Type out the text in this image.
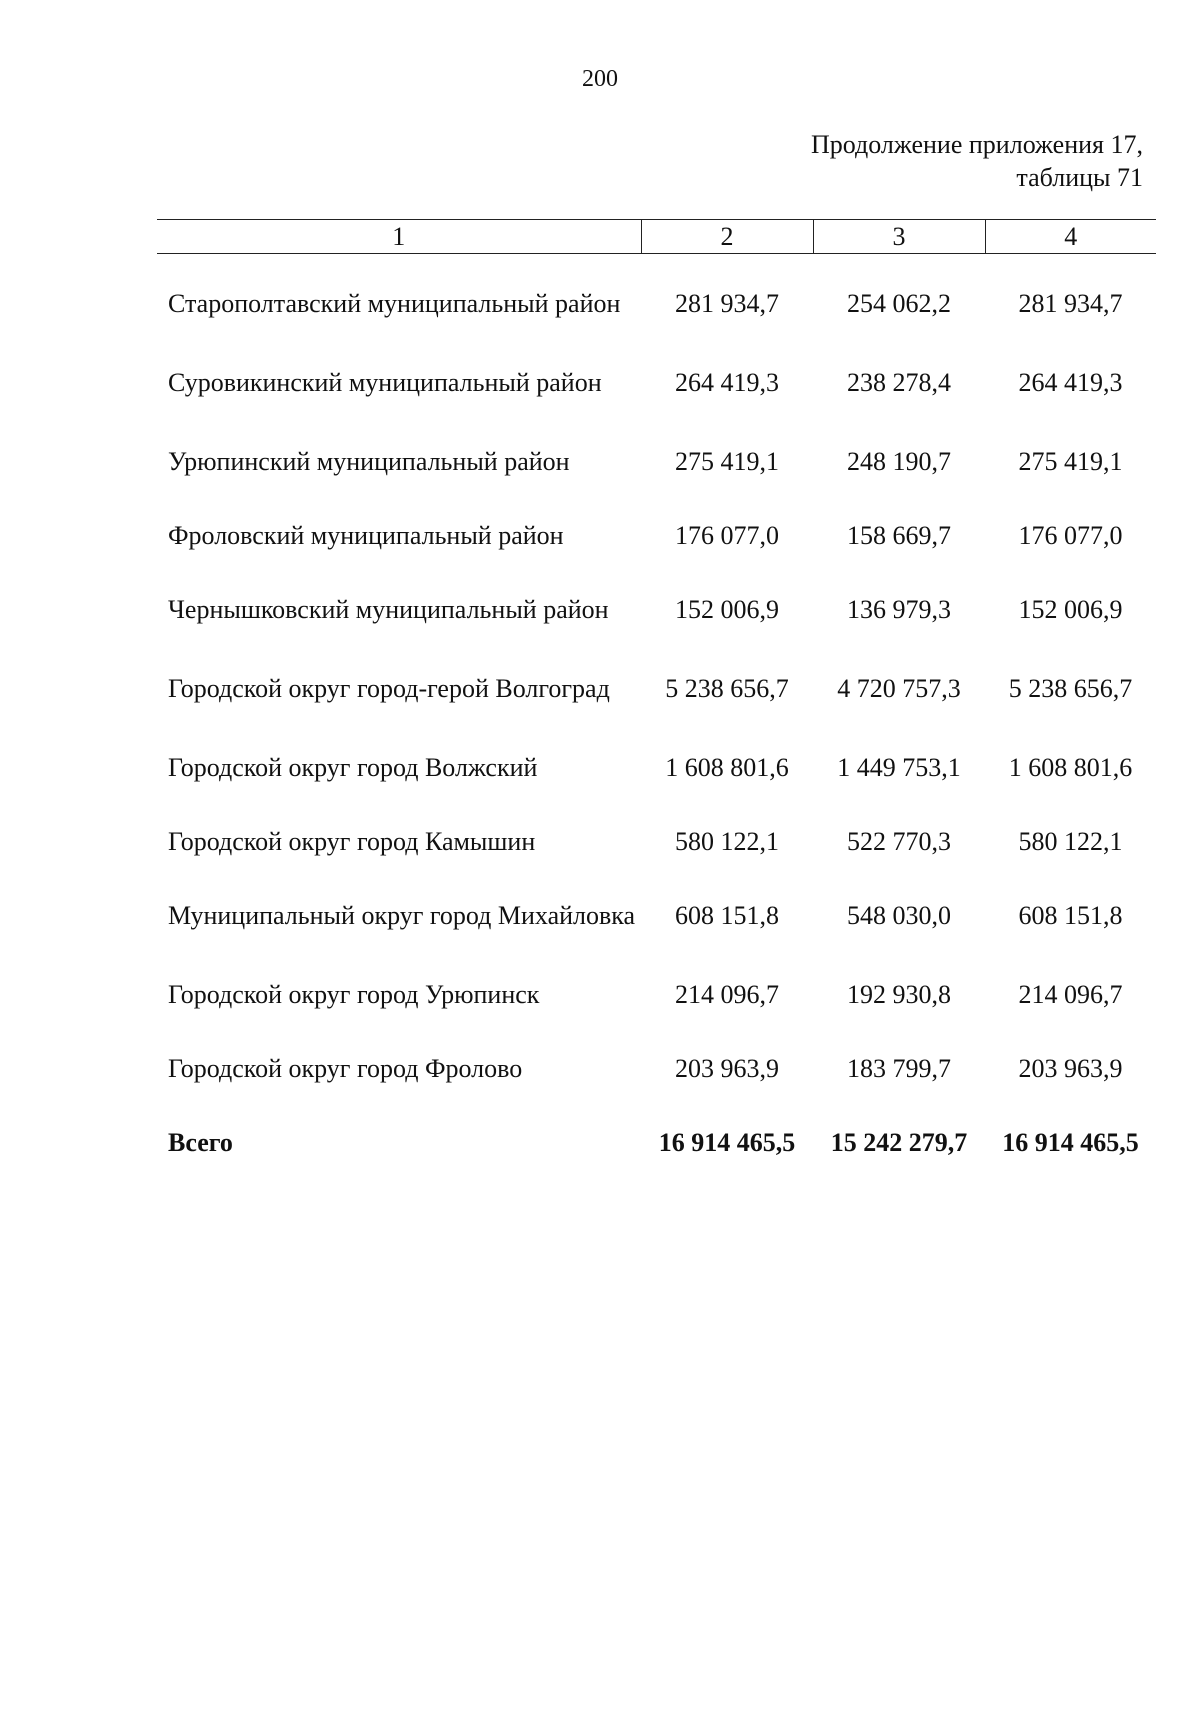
200
Продолжение приложения 17,
таблицы 71
1	2	3	4

Старополтавский муниципальный район	281 934,7	254 062,2	281 934,7

Суровикинский муниципальный район	264 419,3	238 278,4	264 419,3

Урюпинский муниципальный район	275 419,1	248 190,7	275 419,1

Фроловский муниципальный район	176 077,0	158 669,7	176 077,0

Чернышковский муниципальный район	152 006,9	136 979,3	152 006,9

Городской округ город-герой Волгоград	5 238 656,7	4 720 757,3	5 238 656,7

Городской округ город Волжский	1 608 801,6	1 449 753,1	1 608 801,6

Городской округ город Камышин	580 122,1	522 770,3	580 122,1

Муниципальный округ город Михайловка	608 151,8	548 030,0	608 151,8

Городской округ город Урюпинск	214 096,7	192 930,8	214 096,7

Городской округ город Фролово	203 963,9	183 799,7	203 963,9

Всего	16 914 465,5	15 242 279,7	16 914 465,5
